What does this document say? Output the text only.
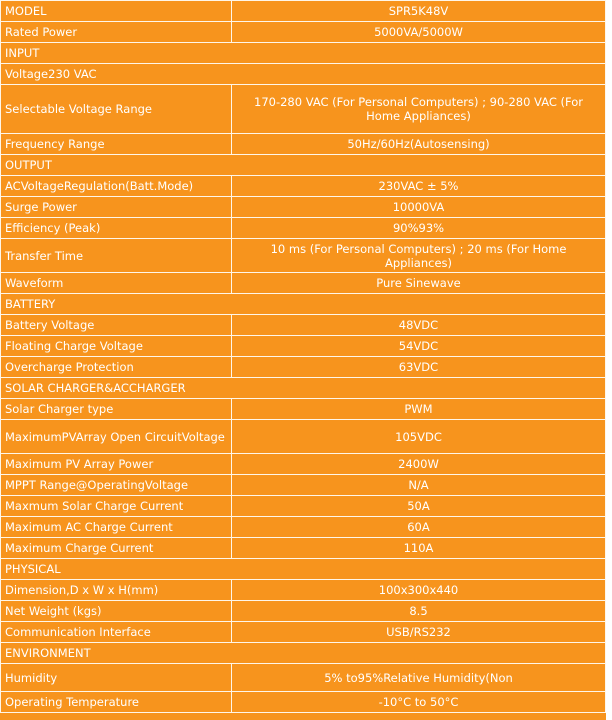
MODEL	SPR5K48V
Rated Power	5000VA/5000W
INPUT	
Voltage230 VAC	
Selectable Voltage Range	170-280 VAC (For Personal Computers) ; 90-280 VAC (For Home Appliances)
Frequency Range	50Hz/60Hz(Autosensing)
OUTPUT	
ACVoltageRegulation(Batt.Mode)	230VAC ± 5%
Surge Power	10000VA
Efficiency (Peak)	90%93%
Transfer Time	10 ms (For Personal Computers) ; 20 ms (For Home Appliances)
Waveform	Pure Sinewave
BATTERY	
Battery Voltage	48VDC
Floating Charge Voltage	54VDC
Overcharge Protection	63VDC
SOLAR CHARGER&ACCHARGER	
Solar Charger type	PWM
MaximumPVArray Open CircuitVoltage	105VDC
Maximum PV Array Power	2400W
MPPT Range@OperatingVoltage	N/A
Maxmum Solar Charge Current	50A
Maximum AC Charge Current	60A
Maximum Charge Current	110A
PHYSICAL	
Dimension,D x W x H(mm)	100x300x440
Net Weight (kgs)	8.5
Communication Interface	USB/RS232
ENVIRONMENT	
Humidity	5% to95%Relative Humidity(Non
Operating Temperature	-10°C to 50°C
